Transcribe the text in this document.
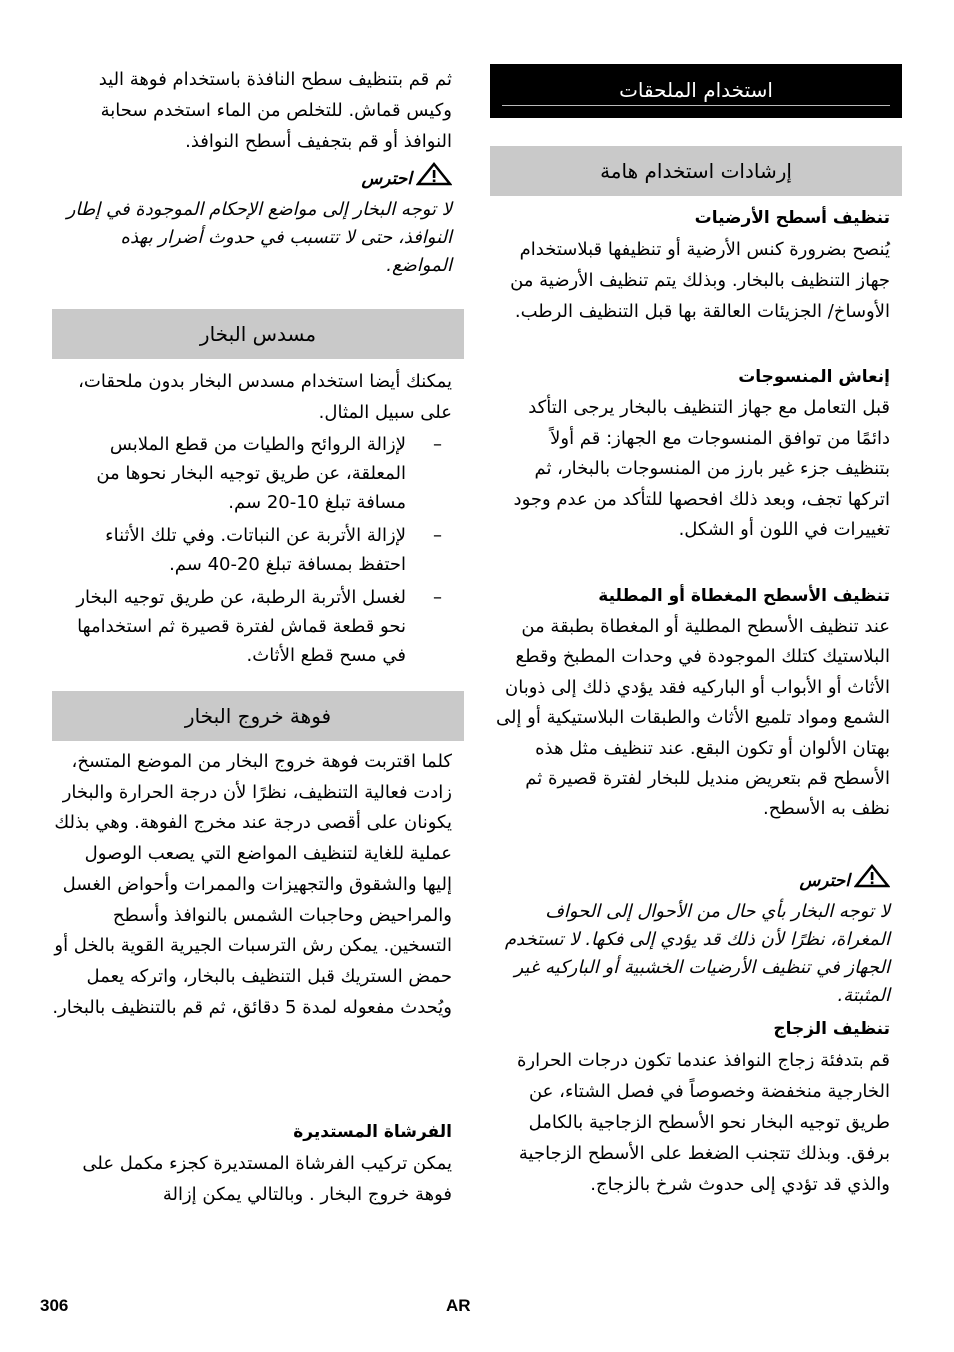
استخدام الملحقات
إرشادات استخدام هامة
تنظيف أسطح الأرضيات
يُنصح بضرورة كنس الأرضية أو تنظيفها قبلاستخدام جهاز التنظيف بالبخار. وبذلك يتم تنظيف الأرضية من الأوساخ/ الجزيئات العالقة بها قبل التنظيف الرطب.
إنعاش المنسوجات
قبل التعامل مع جهاز التنظيف بالبخار يرجى التأكد دائمًا من توافق المنسوجات مع الجهاز: قم أولاً بتنظيف جزء غير بارز من المنسوجات بالبخار، ثم اتركها تجف، وبعد ذلك افحصها للتأكد من عدم وجود تغييرات في اللون أو الشكل.
تنظيف الأسطح المغطاة أو المطلية
عند تنظيف الأسطح المطلية أو المغطاة بطبقة من البلاستيك كتلك الموجودة في وحدات المطبخ وقطع الأثاث أو الأبواب أو الباركيه فقد يؤدي ذلك إلى ذوبان الشمع ومواد تلميع الأثاث والطبقات البلاستيكية أو إلى بهتان الألوان أو تكون البقع. عند تنظيف مثل هذه الأسطح قم بتعريض منديل للبخار لفترة قصيرة ثم نظف به الأسطح.
احترس
لا توجه البخار بأي حال من الأحوال إلى الحواف المغراة، نظرًا لأن ذلك قد يؤدي إلى فكها. لا تستخدم الجهاز في تنظيف الأرضيات الخشبية أو الباركيه غير المثبتة.
تنظيف الزجاج
قم بتدفئة زجاج النوافذ عندما تكون درجات الحرارة الخارجية منخفضة وخصوصاً في فصل الشتاء، عن طريق توجيه البخار نحو الأسطح الزجاجية بالكامل برفق. وبذلك تتجنب الضغط على الأسطح الزجاجية والذي قد تؤدي إلى حدوث شرخ بالزجاج.
ثم قم بتنظيف سطح النافذة باستخدام فوهة اليد وكيس قماش. للتخلص من الماء استخدم سحابة النوافذ أو قم بتجفيف أسطح النوافذ.
احترس
لا توجه البخار إلى مواضع الإحكام الموجودة في إطار النوافذ، حتى لا تتسبب في حدوث أضرار بهذه المواضع.
مسدس البخار
يمكنك أيضا استخدام مسدس البخار بدون ملحقات، على سبيل المثال.
–
لإزالة الروائح والطيات من قطع الملابس المعلقة، عن طريق توجيه البخار نحوها من مسافة تبلغ 10-20 سم.
–
لإزالة الأتربة عن النباتات. وفي تلك الأثناء احتفظ بمسافة تبلغ 20-40 سم.
–
لغسل الأتربة الرطبة، عن طريق توجيه البخار نحو قطعة قماش لفترة قصيرة ثم استخدامها في مسح قطع الأثاث.
فوهة خروج البخار
كلما اقتربت فوهة خروج البخار من الموضع المتسخ، زادت فعالية التنظيف، نظرًا لأن درجة الحرارة والبخار يكونان على أقصى درجة عند مخرج الفوهة. وهي بذلك عملية للغاية لتنظيف المواضع التي يصعب الوصول إليها والشقوق والتجهيزات والممرات وأحواض الغسل والمراحيض وحاجبات الشمس بالنوافذ وأسطح التسخين. يمكن رش الترسبات الجيرية القوية بالخل أو حمض الستريك قبل التنظيف بالبخار، واتركه يعمل ويُحدث مفعوله لمدة 5 دقائق، ثم قم بالتنظيف بالبخار.
الفرشاة المستديرة
يمكن تركيب الفرشاة المستديرة كجزء مكمل على فوهة خروج البخار . وبالتالي يمكن إزالة
306	AR
